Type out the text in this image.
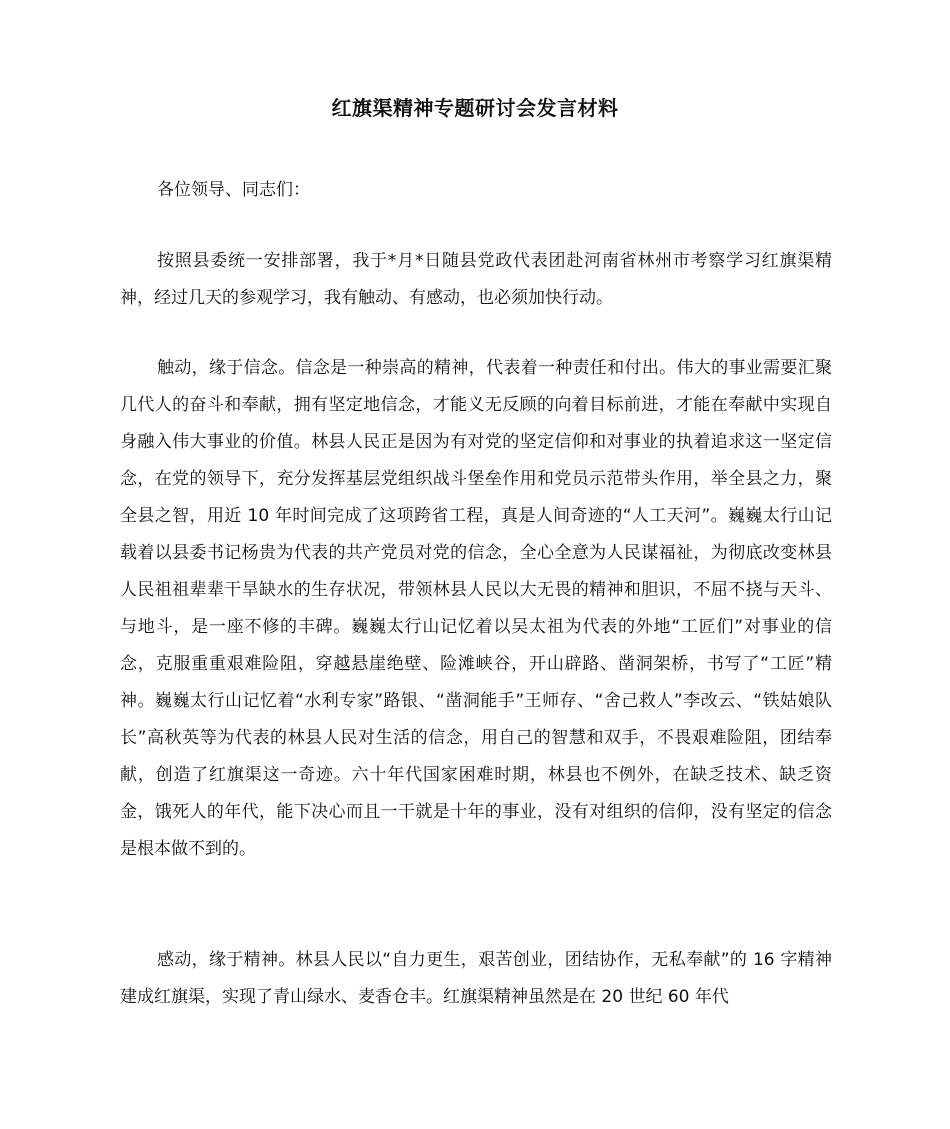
红旗渠精神专题研讨会发言材料

各位领导、同志们：

按照县委统一安排部署，我于*月*日随县党政代表团赴河南省林州市考察学习红旗渠精神，经过几天的参观学习，我有触动、有感动，也必须加快行动。

触动，缘于信念。信念是一种崇高的精神，代表着一种责任和付出。伟大的事业需要汇聚几代人的奋斗和奉献，拥有坚定地信念，才能义无反顾的向着目标前进，才能在奉献中实现自身融入伟大事业的价值。林县人民正是因为有对党的坚定信仰和对事业的执着追求这一坚定信念，在党的领导下，充分发挥基层党组织战斗堡垒作用和党员示范带头作用，举全县之力，聚全县之智，用近 10 年时间完成了这项跨省工程，真是人间奇迹的“人工天河”。巍巍太行山记载着以县委书记杨贵为代表的共产党员对党的信念，全心全意为人民谋福祉，为彻底改变林县人民祖祖辈辈干旱缺水的生存状况，带领林县人民以大无畏的精神和胆识，不屈不挠与天斗、与地斗，是一座不修的丰碑。巍巍太行山记忆着以吴太祖为代表的外地“工匠们”对事业的信念，克服重重艰难险阻，穿越悬崖绝壁、险滩峡谷，开山辟路、凿洞架桥，书写了“工匠”精神。巍巍太行山记忆着“水利专家”路银、“凿洞能手”王师存、“舍己救人”李改云、“铁姑娘队长”高秋英等为代表的林县人民对生活的信念，用自己的智慧和双手，不畏艰难险阻，团结奉献，创造了红旗渠这一奇迹。六十年代国家困难时期，林县也不例外，在缺乏技术、缺乏资金，饿死人的年代，能下决心而且一干就是十年的事业，没有对组织的信仰，没有坚定的信念是根本做不到的。

感动，缘于精神。林县人民以“自力更生，艰苦创业，团结协作，无私奉献”的 16 字精神建成红旗渠，实现了青山绿水、麦香仓丰。红旗渠精神虽然是在 20 世纪 60 年代
